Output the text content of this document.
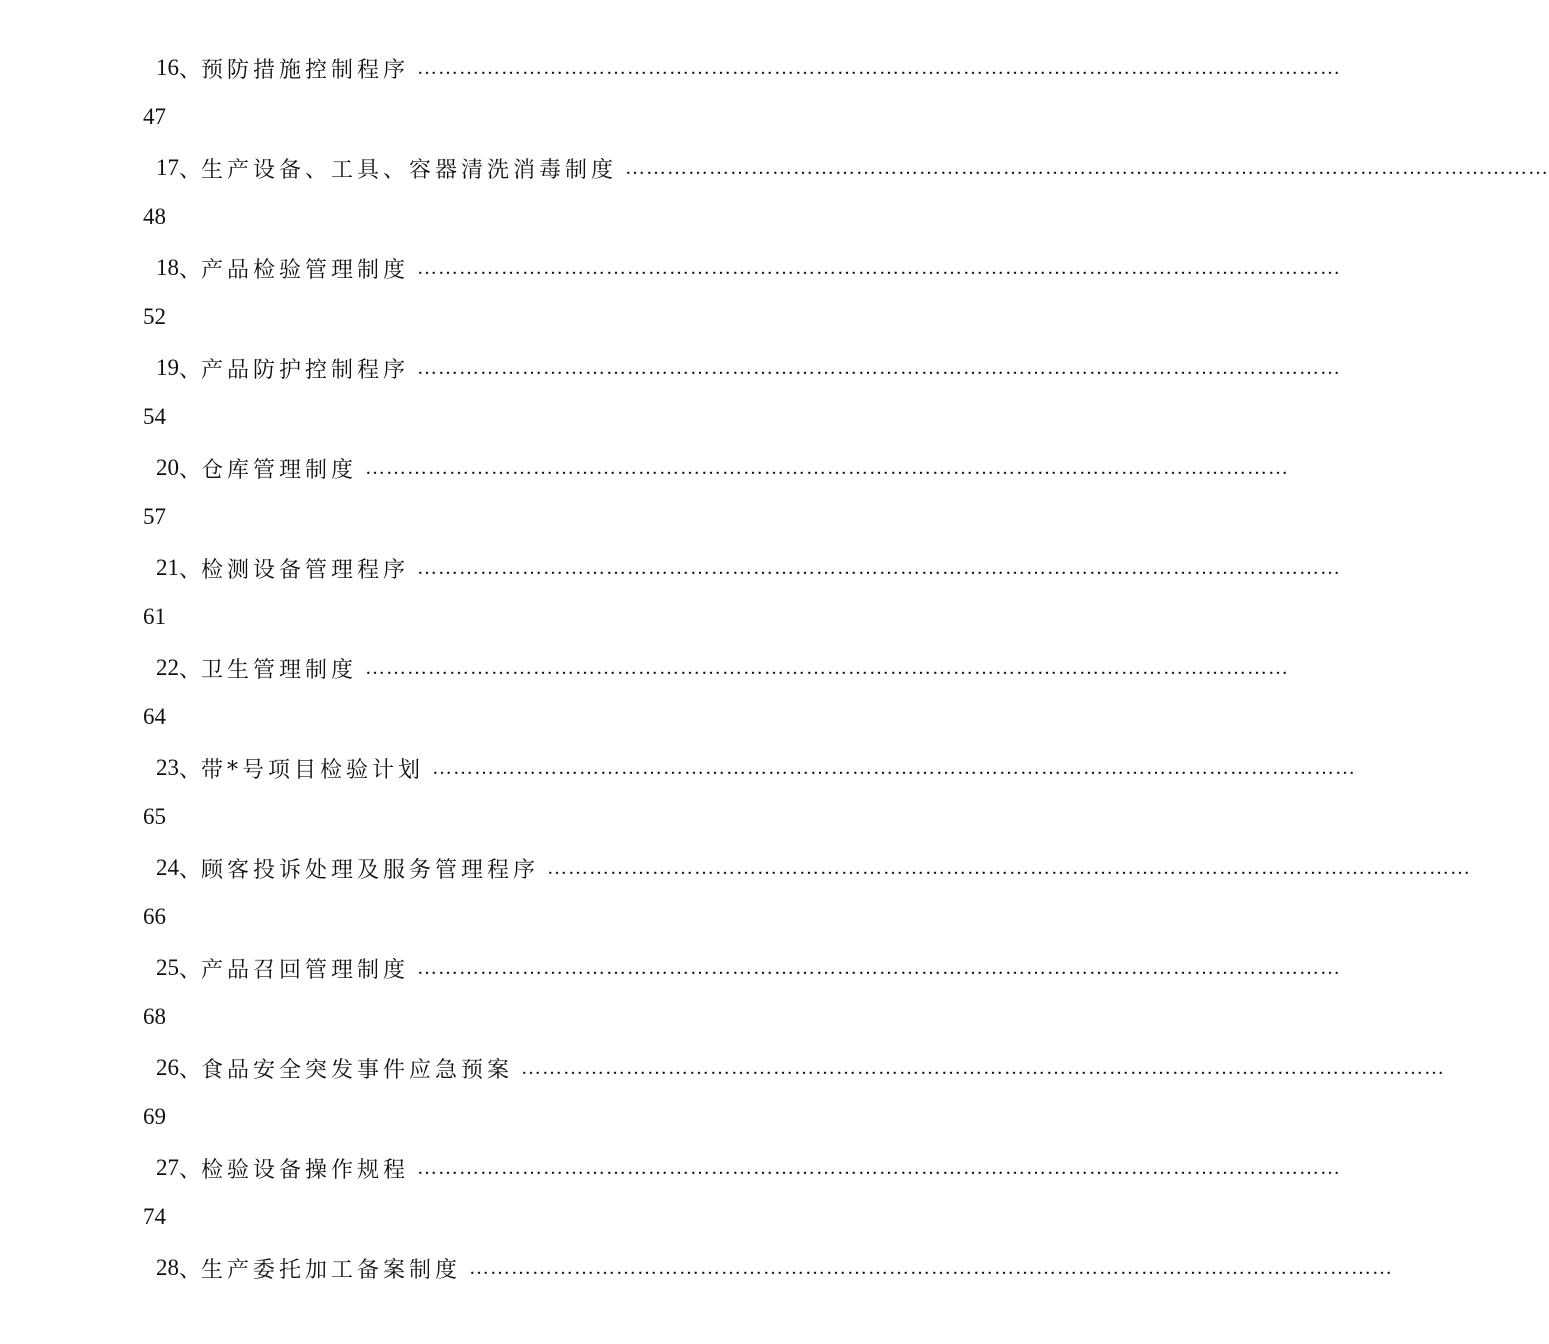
16 、 预防措施控制程序 ……………………………………………………………………………………………………………………
47
17 、 生产设备、工具、容器清洗消毒制度 ……………………………………………………………………………………………………………………
48
18 、 产品检验管理制度 ……………………………………………………………………………………………………………………
52
19 、 产品防护控制程序 ……………………………………………………………………………………………………………………
54
20 、 仓库管理制度 ……………………………………………………………………………………………………………………
57
21 、 检测设备管理程序 ……………………………………………………………………………………………………………………
61
22 、 卫生管理制度 ……………………………………………………………………………………………………………………
64
23 、 带*号项目检验计划 ……………………………………………………………………………………………………………………
65
24 、 顾客投诉处理及服务管理程序 ……………………………………………………………………………………………………………………
66
25 、 产品召回管理制度 ……………………………………………………………………………………………………………………
68
26 、 食品安全突发事件应急预案 ……………………………………………………………………………………………………………………
69
27 、 检验设备操作规程 ……………………………………………………………………………………………………………………
74
28 、 生产委托加工备案制度 ……………………………………………………………………………………………………………………
